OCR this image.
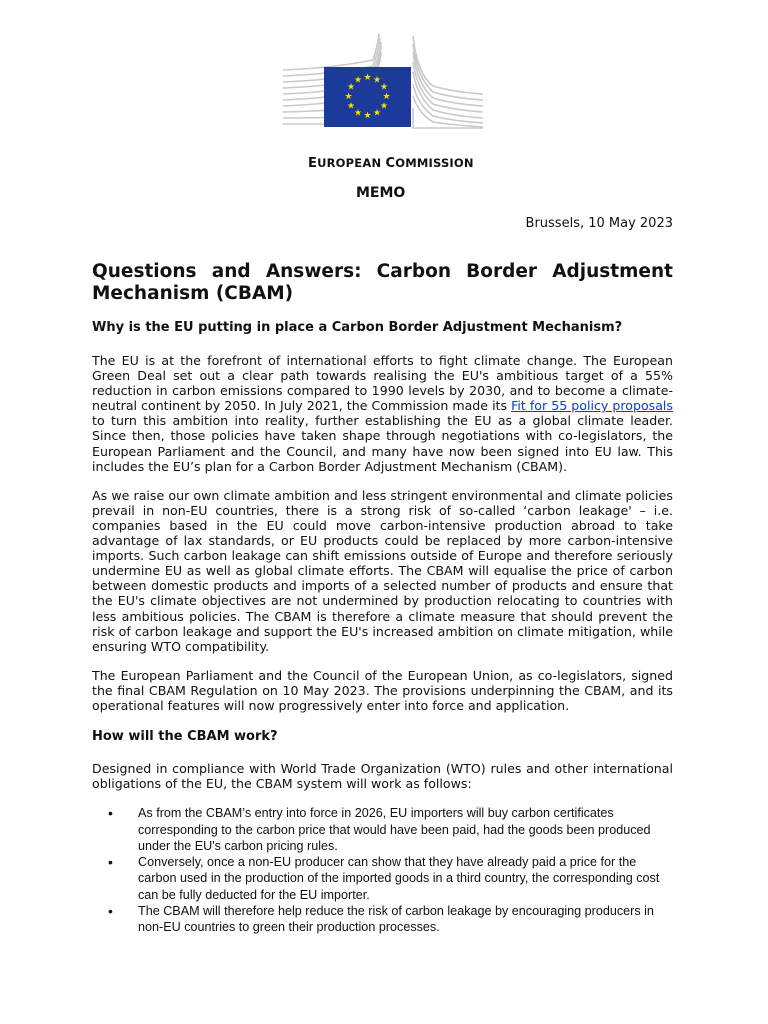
★ ★
★
★
★
★
★
★
★
★
★
★
EUROPEAN COMMISSION
MEMO
Brussels, 10 May 2023
Questions and Answers: Carbon Border Adjustment
Mechanism (CBAM)
Why is the EU putting in place a Carbon Border Adjustment Mechanism?

The EU is at the forefront of international efforts to fight climate change. The European Green Deal set out a clear path towards realising the EU's ambitious target of a 55% reduction in carbon emissions compared to 1990 levels by 2030, and to become a climate-neutral continent by 2050. In July 2021, the Commission made its Fit for 55 policy proposals to turn this ambition into reality, further establishing the EU as a global climate leader. Since then, those policies have taken shape through negotiations with co-legislators, the European Parliament and the Council, and many have now been signed into EU law. This includes the EU’s plan for a Carbon Border Adjustment Mechanism (CBAM).

As we raise our own climate ambition and less stringent environmental and climate policies prevail in non-EU countries, there is a strong risk of so-called ‘carbon leakage' – i.e. companies based in the EU could move carbon-intensive production abroad to take advantage of lax standards, or EU products could be replaced by more carbon-intensive imports. Such carbon leakage can shift emissions outside of Europe and therefore seriously undermine EU as well as global climate efforts. The CBAM will equalise the price of carbon between domestic products and imports of a selected number of products and ensure that the EU's climate objectives are not undermined by production relocating to countries with less ambitious policies. The CBAM is therefore a climate measure that should prevent the risk of carbon leakage and support the EU's increased ambition on climate mitigation, while ensuring WTO compatibility.

The European Parliament and the Council of the European Union, as co-legislators, signed the final CBAM Regulation on 10 May 2023. The provisions underpinning the CBAM, and its operational features will now progressively enter into force and application.

How will the CBAM work?

Designed in compliance with World Trade Organization (WTO) rules and other international obligations of the EU, the CBAM system will work as follows:

• As from the CBAM’s entry into force in 2026, EU importers will buy carbon certificates corresponding to the carbon price that would have been paid, had the goods been produced under the EU's carbon pricing rules.
• Conversely, once a non-EU producer can show that they have already paid a price for the carbon used in the production of the imported goods in a third country, the corresponding cost can be fully deducted for the EU importer.
• The CBAM will therefore help reduce the risk of carbon leakage by encouraging producers in non-EU countries to green their production processes.
